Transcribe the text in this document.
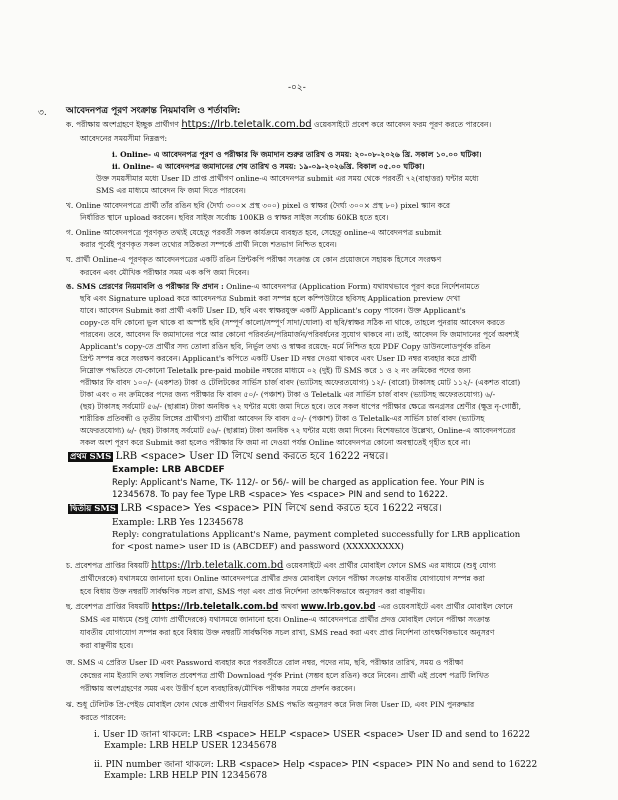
-০২-
৩. আবেদনপত্র পূরণ সংক্রান্ত নিয়মাবলি ও শর্তাবলি:
ক. পরীক্ষায় অংশগ্রহণে ইচ্ছুক প্রার্থীগণ https://lrb.teletalk.com.bd ওয়েবসাইটে প্রবেশ করে আবেদন ফরম পূরণ করতে পারবেন।
আবেদনের সময়সীমা নিম্নরূপ:
i. Online- এ আবেদনপত্র পূরণ ও পরীক্ষার ফি জমাদান শুরুর তারিখ ও সময়: ২০-০৮-২০২৬ খ্রি. সকাল ১০.০০ ঘটিকা।
ii. Online- এ আবেদনপত্র জমাদানের শেষ তারিখ ও সময়: ১৯-০৯-২০২৬খ্রি. বিকাল ০৫.০০ ঘটিকা।
উক্ত সময়সীমার মধ্যে User ID প্রাপ্ত প্রার্থীগণ online-এ আবেদনপত্র submit এর সময় থেকে পরবর্তী ৭২(বাহাত্তর) ঘন্টার মধ্যে
SMS এর মাধ্যমে আবেদন ফি জমা দিতে পারবেন।
খ. Online আবেদনপত্রে প্রার্থী তাঁর রঙিন ছবি (দৈর্ঘ্য ৩০০× প্রস্থ ৩০০) pixel ও স্বাক্ষর (দৈর্ঘ্য ৩০০× প্রস্থ ৮০) pixel স্ক্যান করে
নির্ধারিত স্থানে upload করবেন। ছবির সাইজ সর্বোচ্চ 100KB ও স্বাক্ষর সাইজ সর্বোচ্চ 60KB হতে হবে।
গ. Online আবেদনপত্রে পূরণকৃত তথ্যই যেহেতু পরবর্তী সকল কার্যক্রমে ব্যবহৃত হবে, সেহেতু online-এ আবেদনপত্র submit
করার পূর্বেই পূরণকৃত সকল তথ্যের সঠিকতা সম্পর্কে প্রার্থী নিজে শতভাগ নিশ্চিত হবেন।
ঘ. প্রার্থী Online-এ পূরণকৃত আবেদনপত্রের একটি রঙিন প্রিন্টকপি পরীক্ষা সংক্রান্ত যে কোন প্রয়োজনে সহায়ক হিসেবে সংরক্ষণ
করবেন এবং মৌখিক পরীক্ষার সময় এক কপি জমা দিবেন।
ঙ. SMS প্রেরণের নিয়মাবলি ও পরীক্ষার ফি প্রদান : Online-এ আবেদনপত্র (Application Form) যথাযথভাবে পূরণ করে নির্দেশনামতে
ছবি এবং Signature upload করে আবেদনপত্র Submit করা সম্পন্ন হলে কম্পিউটারে ছবিসহ Application preview দেখা
যাবে। আবেদন Submit করা প্রার্থী একটি User ID, ছবি এবং স্বাক্ষরযুক্ত একটি Applicant's copy পাবেন। উক্ত Applicant's
copy-তে যদি কোনো ভুল থাকে বা অস্পষ্ট ছবি (সম্পূর্ণ কালো/সম্পূর্ণ সাদা/ঘোলা) বা ছবি/স্বাক্ষর সঠিক না থাকে, তাহলে পুনরায় আবেদন করতে
পারবেন। তবে, আবেদন ফি জমাদানের পরে আর কোনো পরিবর্তন/পরিমার্জন/পরিবর্ধনের সুযোগ থাকবে না। তাই, আবেদন ফি জমাদানের পূর্বে অবশ্যই
Applicant's copy-তে প্রার্থীর সদ্য তোলা রঙিন ছবি, নির্ভুল তথ্য ও স্বাক্ষর রয়েছে- মর্মে নিশ্চিত হয়ে PDF Copy ডাউনলোডপূর্বক রঙিন
প্রিন্ট সম্পন্ন করে সংরক্ষণ করবেন। Applicant's কপিতে একটি User ID নম্বর দেওয়া থাকবে এবং User ID নম্বর ব্যবহার করে প্রার্থী
নিম্নোক্ত পদ্ধতিতে যে-কোনো Teletalk pre-paid mobile নম্বরের মাধ্যমে ০২ (দুই) টি SMS করে ১ ও ২ নং ক্রমিকের পদের জন্য
পরীক্ষার ফি বাবদ ১০০/- (একশত) টাকা ও টেলিটকের সার্ভিস চার্জ বাবদ (ভ্যাটসহ অফেরতযোগ্য) ১২/- (বারো) টাকাসহ মোট ১১২/- (একশত বারো)
টাকা এবং ৩ নং ক্রমিকের পদের জন্য পরীক্ষার ফি বাবদ ৫০/- (পঞ্চাশ) টাকা ও Teletalk এর সার্ভিস চার্জ বাবদ (ভ্যাটসহ অফেরতযোগ্য) ৬/-
(ছয়) টাকাসহ সর্বমোট ৫৬/- (ছাপ্পান্ন) টাকা অনধিক ৭২ ঘন্টার মধ্যে জমা দিতে হবে। তবে সকল ধাপের পরীক্ষার ক্ষেত্রে অনগ্রসর শ্রেণীর (ক্ষুদ্র নৃ-গোষ্ঠী,
শারীরিক প্রতিবন্ধী ও তৃতীয় লিঙ্গের প্রার্থীগণ) প্রার্থীরা আবেদন ফি বাবদ ৫০/- (পঞ্চাশ) টাকা ও Teletalk-এর সার্ভিস চার্জ বাবদ (ভ্যাটসহ
অফেরতযোগ্য) ৬/- (ছয়) টাকাসহ সর্বমোট ৫৬/- (ছাপ্পান্ন) টাকা অনধিক ৭২ ঘন্টার মধ্যে জমা দিবেন। বিশেষভাবে উল্লেখ্য, Online-এ আবেদনপত্রের
সকল অংশ পূরণ করে Submit করা হলেও পরীক্ষার ফি জমা না দেওয়া পর্যন্ত Online আবেদনপত্র কোনো অবস্থাতেই গৃহীত হবে না।
প্রথম SMS LRB <space> User ID লিখে send করতে হবে 16222 নম্বরে।
Example: LRB ABCDEF
Reply: Applicant's Name, TK- 112/- or 56/- will be charged as application fee. Your PIN is
12345678. To pay fee Type LRB <space> Yes <space> PIN and send to 16222.
দ্বিতীয় SMS LRB <space> Yes <space> PIN লিখে send করতে হবে 16222 নম্বরে।
Example: LRB Yes 12345678
Reply: congratulations Applicant's Name, payment completed successfully for LRB application
for <post name> user ID is (ABCDEF) and password (XXXXXXXXX)
চ. প্রবেশপত্র প্রাপ্তির বিষয়টি https://lrb.teletalk.com.bd ওয়েবসাইটে এবং প্রার্থীর মোবাইল ফোনে SMS এর মাধ্যমে (শুধু যোগ্য
প্রার্থীদেরকে) যথাসময়ে জানানো হবে। Online আবেদনপত্রে প্রার্থীর প্রদত্ত মোবাইল ফোনে পরীক্ষা সংক্রান্ত যাবতীয় যোগাযোগ সম্পন্ন করা
হবে বিধায় উক্ত নম্বরটি সার্বক্ষণিক সচল রাখা, SMS পড়া এবং প্রাপ্ত নির্দেশনা তাৎক্ষণিকভাবে অনুসরণ করা বাঞ্ছনীয়।
ছ. প্রবেশপত্র প্রাপ্তির বিষয়টি https://lrb.teletalk.com.bd অথবা www.lrb.gov.bd -এর ওয়েবসাইটে এবং প্রার্থীর মোবাইল ফোনে
SMS এর মাধ্যমে (শুধু যোগ্য প্রার্থীদেরকে) যথাসময়ে জানানো হবে। Online-এ আবেদনপত্রে প্রার্থীর প্রদত্ত মোবাইল ফোনে পরীক্ষা সংক্রান্ত
যাবতীয় যোগাযোগ সম্পন্ন করা হবে বিধায় উক্ত নম্বরটি সার্বক্ষণিক সচল রাখা, SMS read করা এবং প্রাপ্ত নির্দেশনা তাৎক্ষণিকভাবে অনুসরণ
করা বাঞ্ছনীয় হবে।
জ. SMS এ প্রেরিত User ID এবং Password ব্যবহার করে পরবর্তীতে রোল নম্বর, পদের নাম, ছবি, পরীক্ষার তারিখ, সময় ও পরীক্ষা
কেন্দ্রের নাম ইত্যাদি তথ্য সম্বলিত প্রবেশপত্র প্রার্থী Download পূর্বক Print (সম্ভব হলে রঙিন) করে নিবেন। প্রার্থী এই প্রবেশ পত্রটি লিখিত
পরীক্ষায় অংশগ্রহণের সময় এবং উত্তীর্ণ হলে ব্যবহারিক/মৌখিক পরীক্ষার সময়ে প্রদর্শন করবেন।
ঝ. শুধু টেলিটক প্রি-পেইড মোবাইল ফোন থেকে প্রার্থীগণ নিম্নবর্ণিত SMS পদ্ধতি অনুসরণ করে নিজ নিজ User ID, এবং PIN পুনরুদ্ধার
করতে পারবেন:
i. User ID জানা থাকলে: LRB <space> HELP <space> USER <space> User ID and send to 16222
Example: LRB HELP USER 12345678
ii. PIN number জানা থাকলে: LRB <space> Help <space> PIN <space> PIN No and send to 16222
Example: LRB HELP PIN 12345678
